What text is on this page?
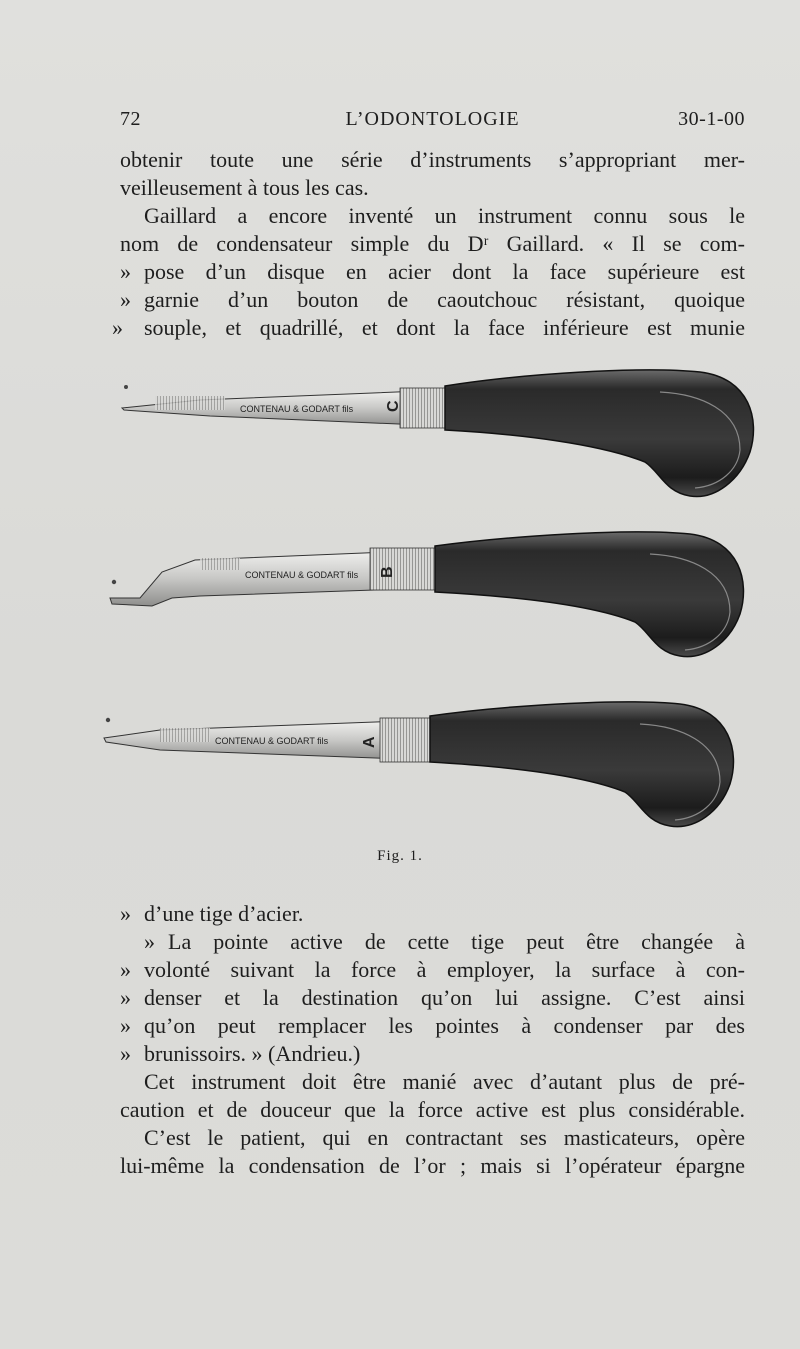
72	L’ODONTOLOGIE	30-1-00
obtenir toute une série d’instruments s’appropriant mer-
veilleusement à tous les cas.
Gaillard a encore inventé un instrument connu sous le
nom de condensateur simple du Dʳ Gaillard. « Il se com-
» pose d’un disque en acier dont la face supérieure est
» garnie d’un bouton de caoutchouc résistant, quoique
» souple, et quadrillé, et dont la face inférieure est munie
CONTENAU & GODART fils C
CONTENAU & GODART fils B
CONTENAU & GODART fils A
Fig. 1.
» d’une tige d’acier.
» La pointe active de cette tige peut être changée à
» volonté suivant la force à employer, la surface à con-
» denser et la destination qu’on lui assigne. C’est ainsi
» qu’on peut remplacer les pointes à condenser par des
» brunissoirs. » (Andrieu.)
Cet instrument doit être manié avec d’autant plus de pré-
caution et de douceur que la force active est plus considérable.
C’est le patient, qui en contractant ses masticateurs, opère
lui-même la condensation de l’or ; mais si l’opérateur épargne
